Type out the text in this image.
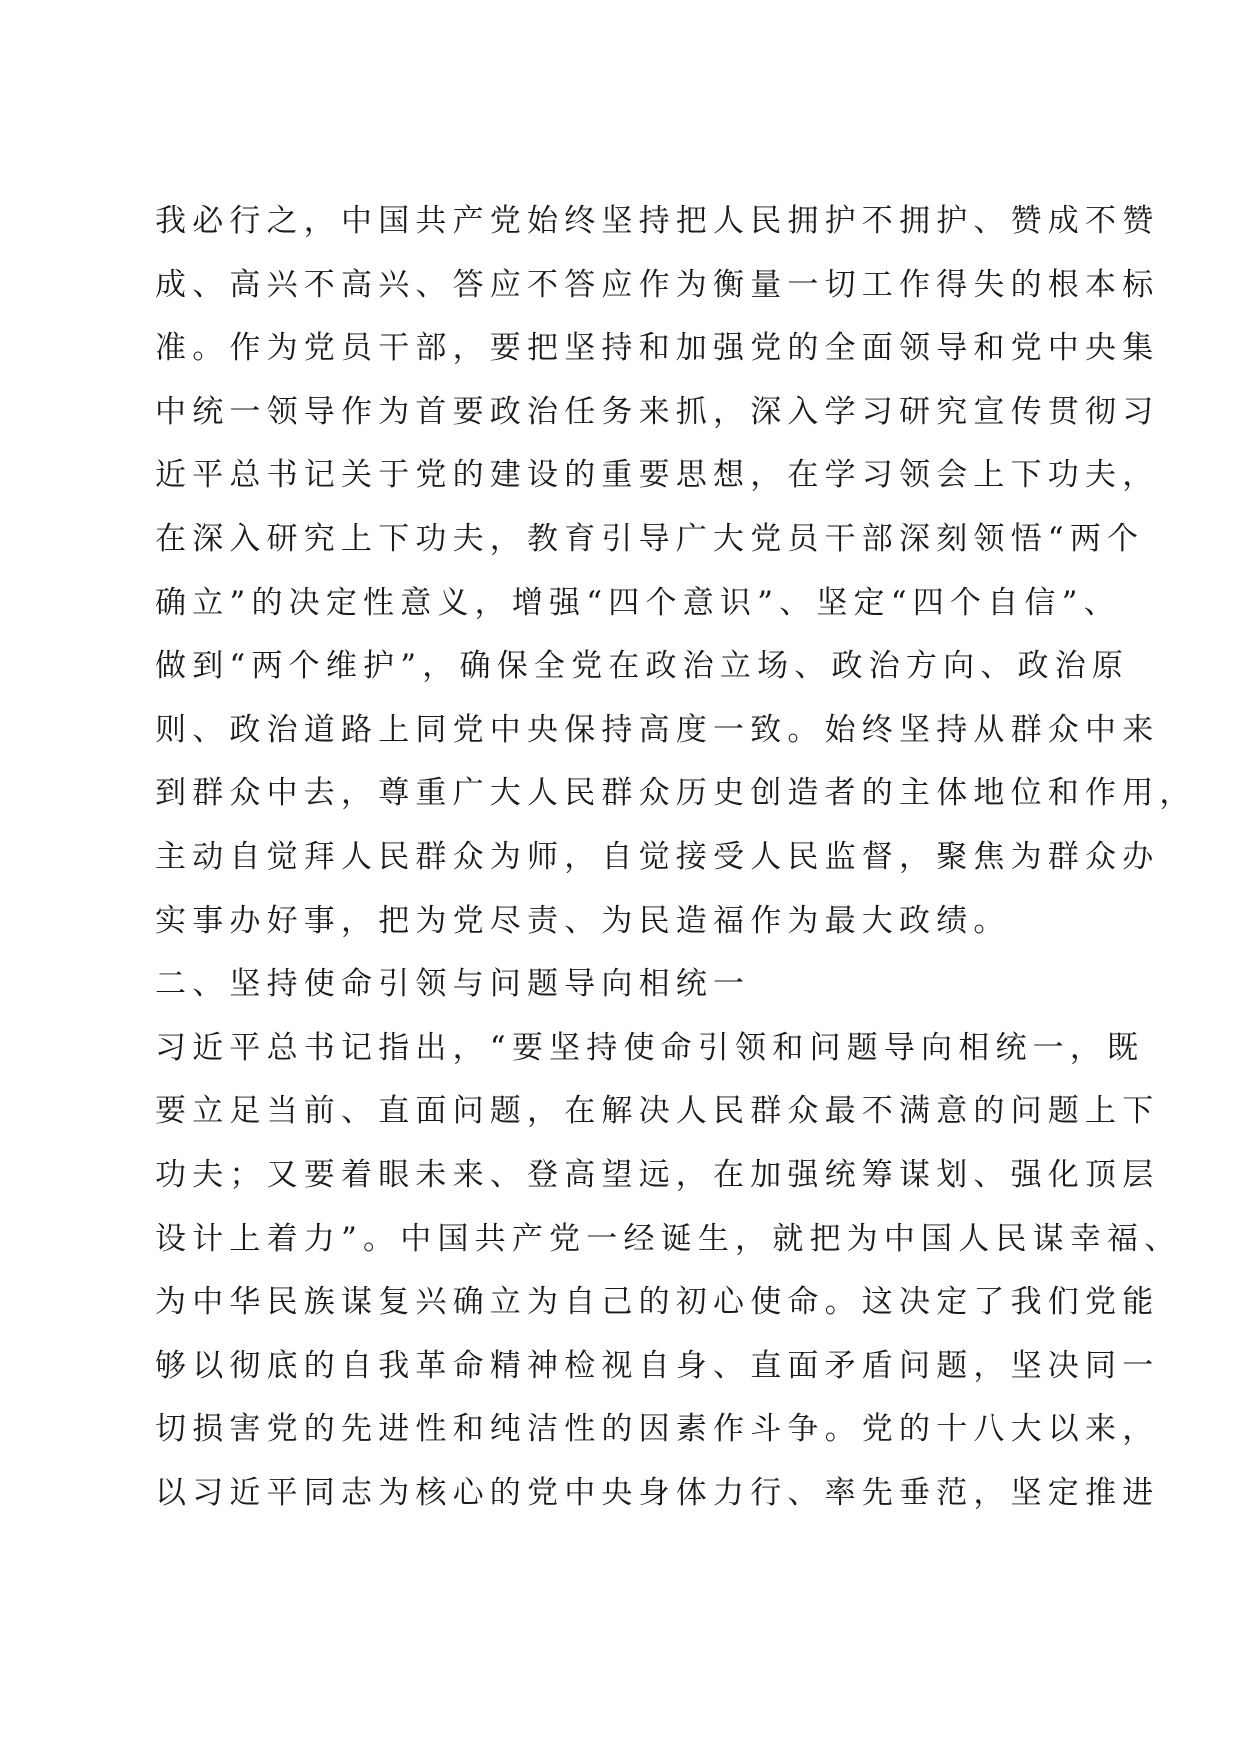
我必行之，中国共产党始终坚持把人民拥护不拥护、赞成不赞
成、高兴不高兴、答应不答应作为衡量一切工作得失的根本标
准。作为党员干部，要把坚持和加强党的全面领导和党中央集
中统一领导作为首要政治任务来抓，深入学习研究宣传贯彻习
近平总书记关于党的建设的重要思想，在学习领会上下功夫，
在深入研究上下功夫，教育引导广大党员干部深刻领悟“两个
确立”的决定性意义，增强“四个意识”、坚定“四个自信”、
做到“两个维护”，确保全党在政治立场、政治方向、政治原
则、政治道路上同党中央保持高度一致。始终坚持从群众中来
到群众中去，尊重广大人民群众历史创造者的主体地位和作用，
主动自觉拜人民群众为师，自觉接受人民监督，聚焦为群众办
实事办好事，把为党尽责、为民造福作为最大政绩。
二、坚持使命引领与问题导向相统一
习近平总书记指出，“要坚持使命引领和问题导向相统一，既
要立足当前、直面问题，在解决人民群众最不满意的问题上下
功夫；又要着眼未来、登高望远，在加强统筹谋划、强化顶层
设计上着力”。中国共产党一经诞生，就把为中国人民谋幸福、
为中华民族谋复兴确立为自己的初心使命。这决定了我们党能
够以彻底的自我革命精神检视自身、直面矛盾问题，坚决同一
切损害党的先进性和纯洁性的因素作斗争。党的十八大以来，
以习近平同志为核心的党中央身体力行、率先垂范，坚定推进
